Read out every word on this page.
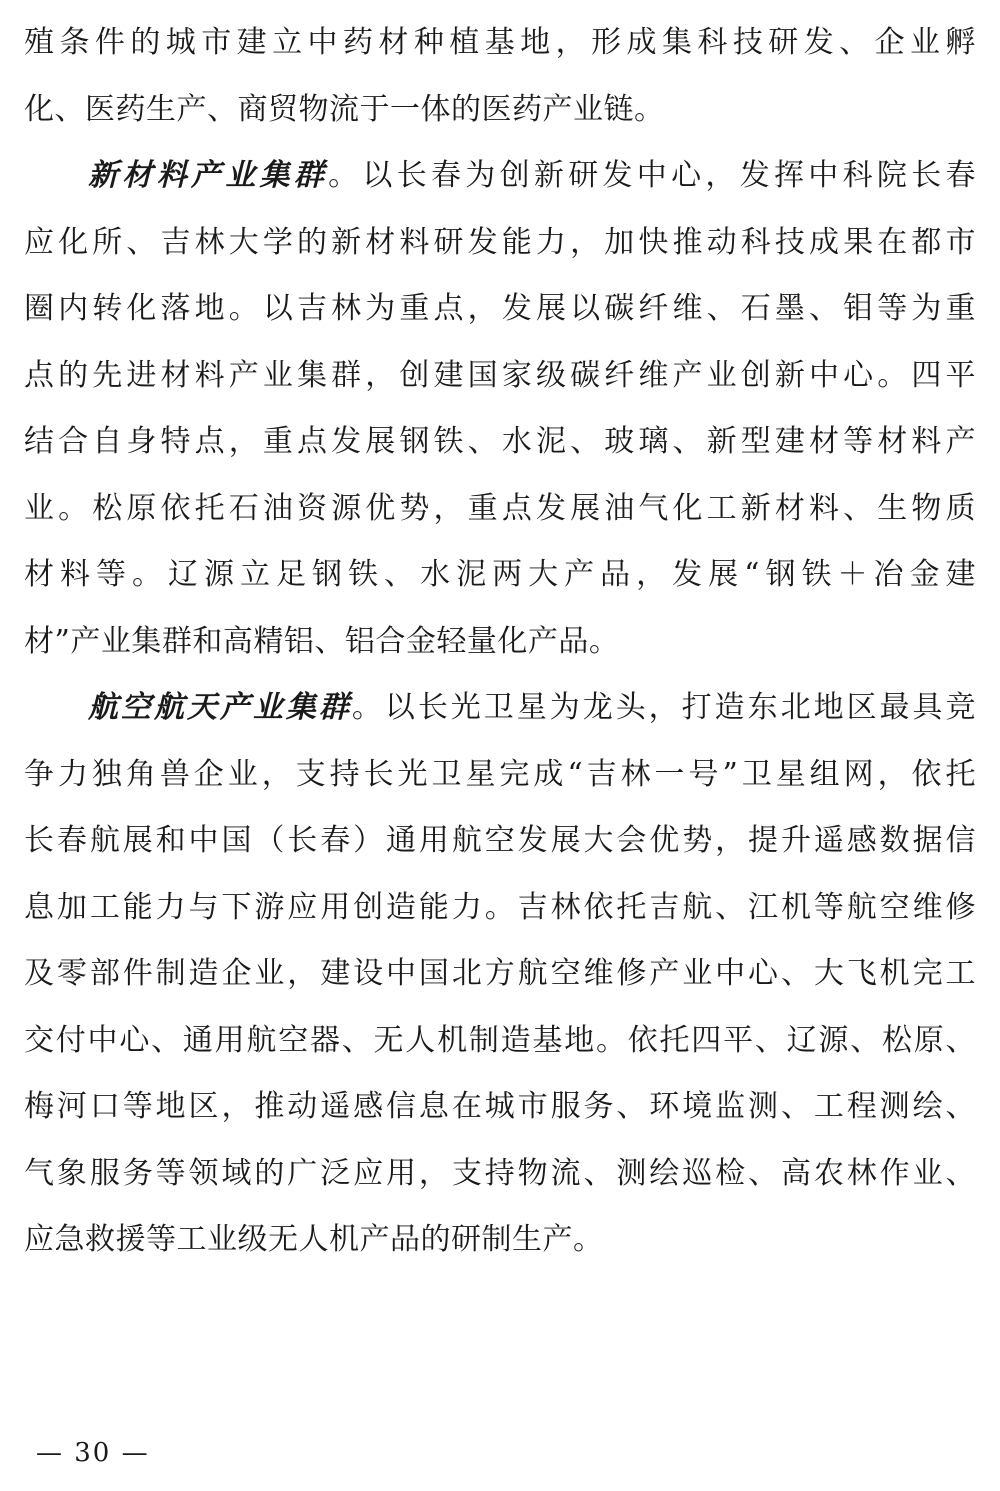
殖条件的城市建立中药材种植基地，形成集科技研发、企业孵
化、医药生产、商贸物流于一体的医药产业链。
新材料产业集群。以长春为创新研发中心，发挥中科院长春
应化所、吉林大学的新材料研发能力，加快推动科技成果在都市
圈内转化落地。以吉林为重点，发展以碳纤维、石墨、钼等为重
点的先进材料产业集群，创建国家级碳纤维产业创新中心。四平
结合自身特点，重点发展钢铁、水泥、玻璃、新型建材等材料产
业。松原依托石油资源优势，重点发展油气化工新材料、生物质
材料等。辽源立足钢铁、水泥两大产品，发展“钢铁＋冶金建
材”产业集群和高精铝、铝合金轻量化产品。
航空航天产业集群。以长光卫星为龙头，打造东北地区最具竞
争力独角兽企业，支持长光卫星完成“吉林一号”卫星组网，依托
长春航展和中国（长春）通用航空发展大会优势，提升遥感数据信
息加工能力与下游应用创造能力。吉林依托吉航、江机等航空维修
及零部件制造企业，建设中国北方航空维修产业中心、大飞机完工
交付中心、通用航空器、无人机制造基地。依托四平、辽源、松原、
梅河口等地区，推动遥感信息在城市服务、环境监测、工程测绘、
气象服务等领域的广泛应用，支持物流、测绘巡检、高农林作业、
应急救援等工业级无人机产品的研制生产。
— 30 —
